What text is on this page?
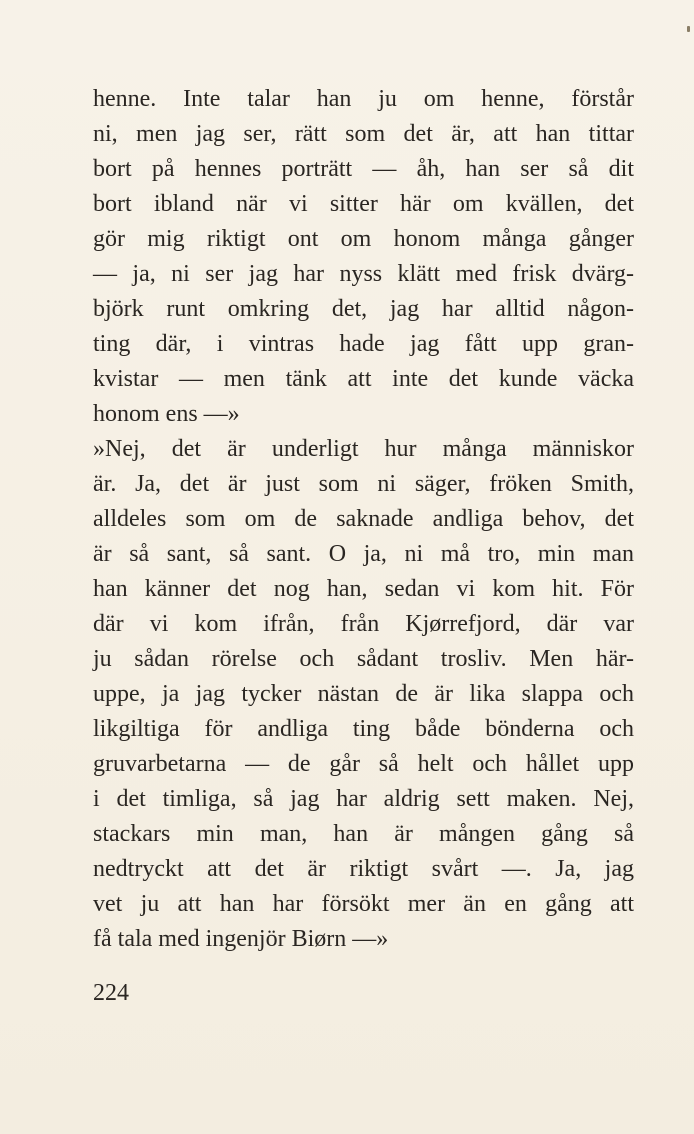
henne. Inte talar han ju om henne, förstår
ni, men jag ser, rätt som det är, att han tittar
bort på hennes porträtt — åh, han ser så dit
bort ibland när vi sitter här om kvällen, det
gör mig riktigt ont om honom många gånger
— ja, ni ser jag har nyss klätt med frisk dvärg-
björk runt omkring det, jag har alltid någon-
ting där, i vintras hade jag fått upp gran-
kvistar — men tänk att inte det kunde väcka
honom ens —»
»Nej, det är underligt hur många människor
är. Ja, det är just som ni säger, fröken Smith,
alldeles som om de saknade andliga behov, det
är så sant, så sant. O ja, ni må tro, min man
han känner det nog han, sedan vi kom hit. För
där vi kom ifrån, från Kjørrefjord, där var
ju sådan rörelse och sådant trosliv. Men här-
uppe, ja jag tycker nästan de är lika slappa och
likgiltiga för andliga ting både bönderna och
gruvarbetarna — de går så helt och hållet upp
i det timliga, så jag har aldrig sett maken. Nej,
stackars min man, han är mången gång så
nedtryckt att det är riktigt svårt —. Ja, jag
vet ju att han har försökt mer än en gång att
få tala med ingenjör Biørn —»
224
